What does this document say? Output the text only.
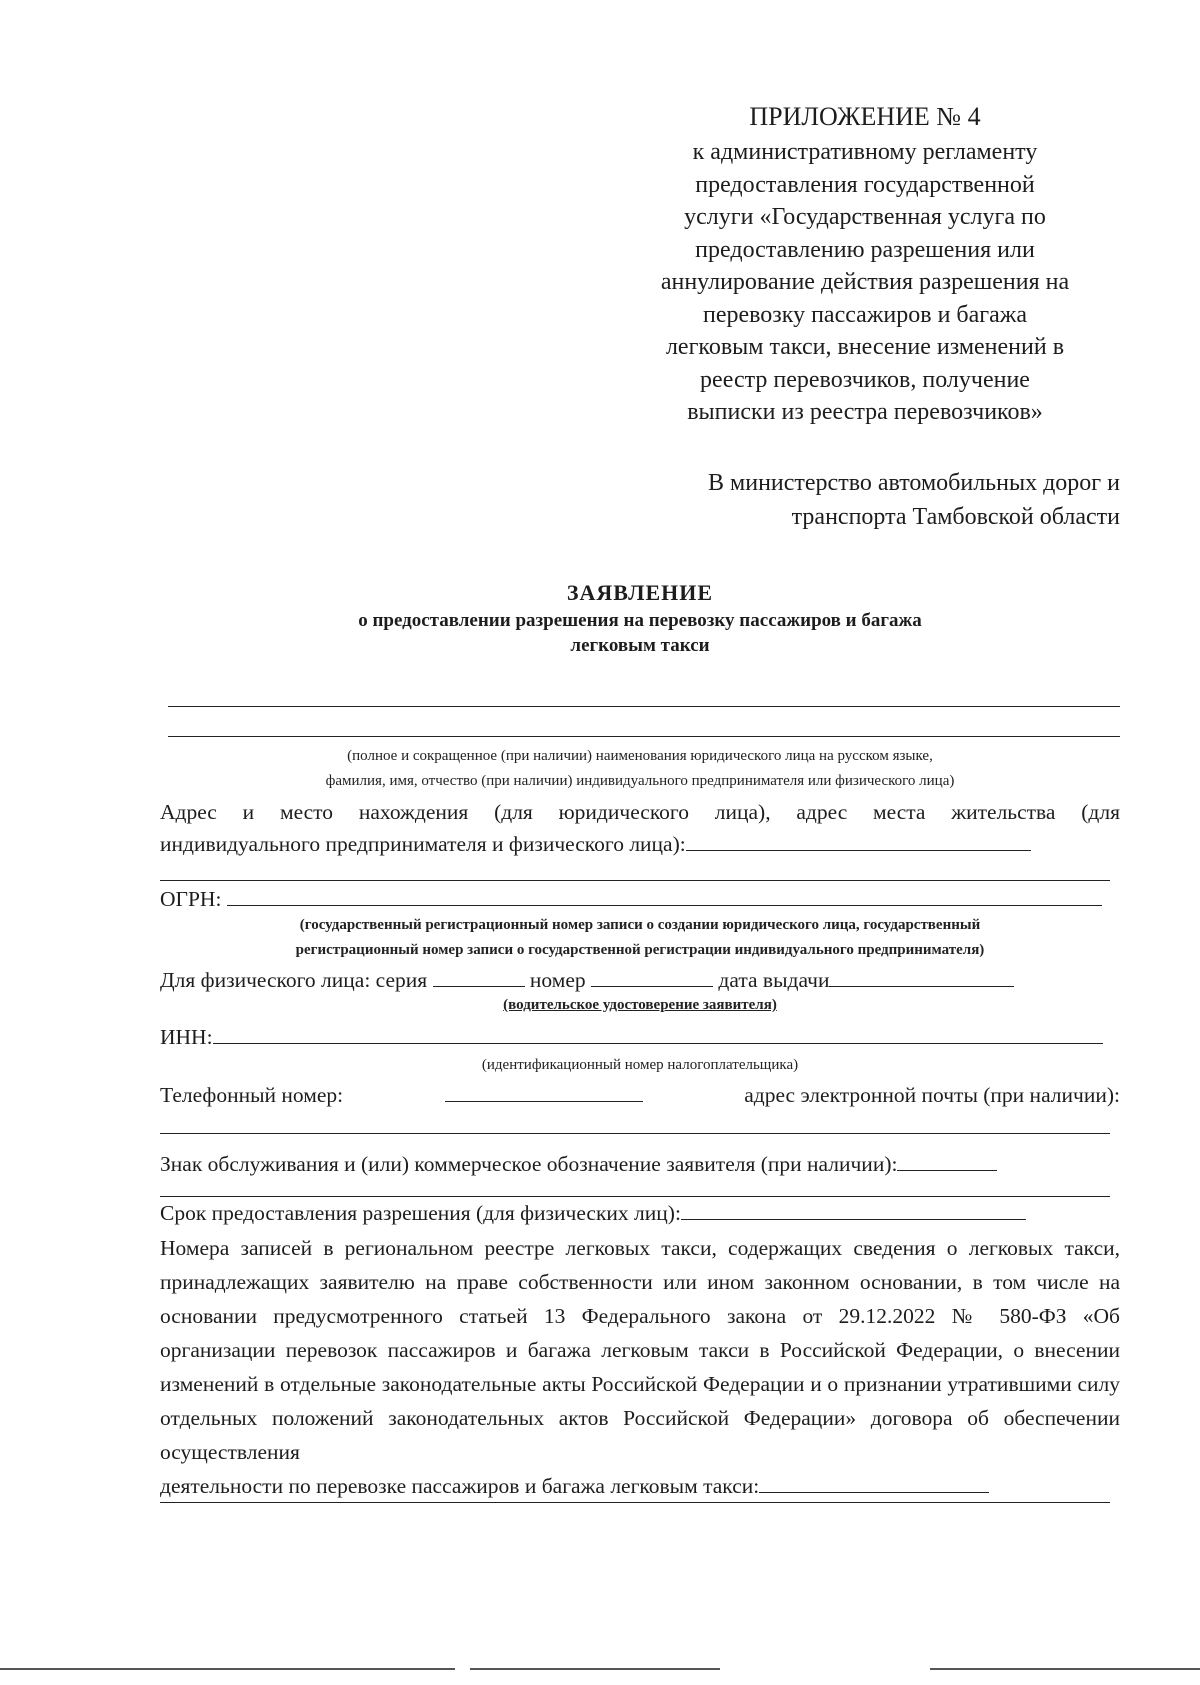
ПРИЛОЖЕНИЕ № 4
к административному регламенту
предоставления государственной
услуги «Государственная услуга по
предоставлению разрешения или
аннулирование действия разрешения на
перевозку пассажиров и багажа
легковым такси, внесение изменений в
реестр перевозчиков, получение
выписки из реестра перевозчиков»
В министерство автомобильных дорог и
транспорта Тамбовской области
ЗАЯВЛЕНИЕ
о предоставлении разрешения на перевозку пассажиров и багажа
легковым такси
(полное и сокращенное (при наличии) наименования юридического лица на русском языке,
фамилия, имя, отчество (при наличии) индивидуального предпринимателя или физического лица)
Адрес и место нахождения (для юридического лица), адрес места жительства (для
индивидуального предпринимателя и физического лица):
ОГРН:
(государственный регистрационный номер записи о создании юридического лица, государственный
регистрационный номер записи о государственной регистрации индивидуального предпринимателя)
Для физического лица: серия	номер	дата выдачи
(водительское удостоверение заявителя)
ИНН:
(идентификационный номер налогоплательщика)
Телефонный номер:	адрес электронной почты (при наличии):
Знак обслуживания и (или) коммерческое обозначение заявителя (при наличии):
Срок предоставления разрешения (для физических лиц):
Номера записей в региональном реестре легковых такси, содержащих сведения о легковых такси, принадлежащих заявителю на праве собственности или ином законном основании, в том числе на основании предусмотренного статьей 13 Федерального закона от 29.12.2022 № 580-ФЗ «Об организации перевозок пассажиров и багажа легковым такси в Российской Федерации, о внесении изменений в отдельные законодательные акты Российской Федерации и о признании утратившими силу отдельных положений законодательных актов Российской Федерации» договора об обеспечении осуществления
деятельности по перевозке пассажиров и багажа легковым такси:
